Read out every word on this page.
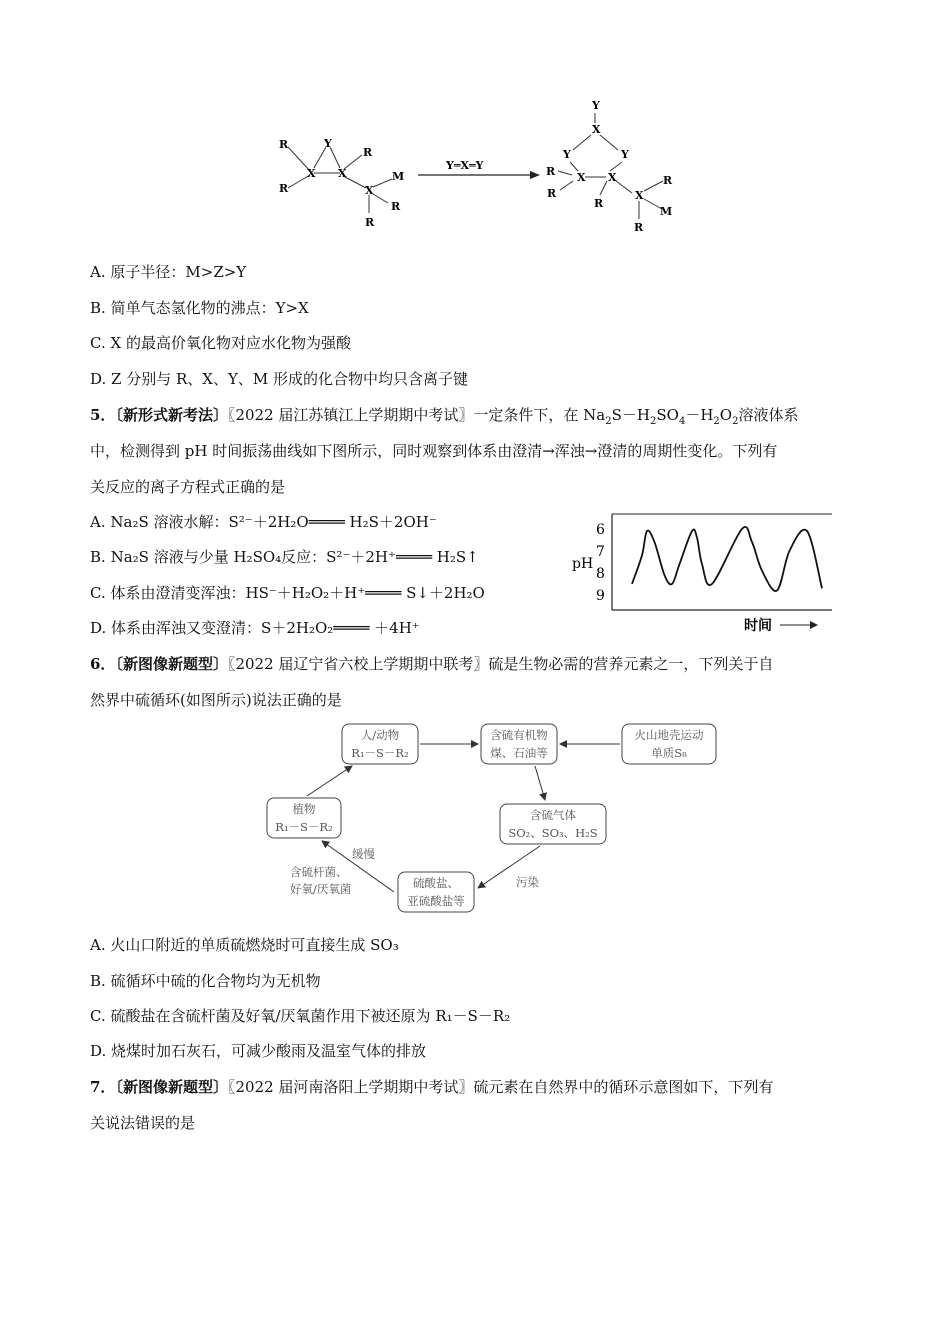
R	Y
R
X X
R
M
X
R
R
Y═X═Y
Y
X
Y	Y
R X X
R	X
R
R
M
R
A. 原子半径：M>Z>Y
B. 简单气态氢化物的沸点：Y>X
C. X 的最高价氧化物对应水化物为强酸
D. Z 分别与 R、X、Y、M 形成的化合物中均只含离子键
5．〔新形式新考法〕〖2022 届江苏镇江上学期期中考试〗一定条件下，在 $Na_2S-H_2SO_4-H_2O_2$溶液体系
中，检测得到 pH 时间振荡曲线如下图所示，同时观察到体系由澄清→浑浊→澄清的周期性变化。下列有
关反应的离子方程式正确的是
A. Na₂S 溶液水解：S²⁻＋2H₂O════ H₂S＋2OH⁻
B. Na₂S 溶液与少量 H₂SO₄反应：S²⁻＋2H⁺════ H₂S↑
C. 体系由澄清变浑浊：HS⁻＋H₂O₂＋H⁺════ S↓＋2H₂O
D. 体系由浑浊又变澄清：S＋2H₂O₂════ ＋4H⁺
pH
6
7
8
9
时间
6．〔新图像新题型〕〖2022 届辽宁省六校上学期期中联考〗硫是生物必需的营养元素之一，下列关于自
然界中硫循环(如图所示)说法正确的是
人/动物
R₁－S－R₂
含硫有机物
煤、石油等
火山地壳运动
单质S₈
植物
R₁－S－R₂
含硫气体
SO₂、SO₃、H₂S
硫酸盐、
亚硫酸盐等
缓慢
含硫杆菌、
好氧/厌氧菌	污染
A. 火山口附近的单质硫燃烧时可直接生成 SO₃
B. 硫循环中硫的化合物均为无机物
C. 硫酸盐在含硫杆菌及好氧/厌氧菌作用下被还原为 R₁－S－R₂
D. 烧煤时加石灰石，可减少酸雨及温室气体的排放
7．〔新图像新题型〕〖2022 届河南洛阳上学期期中考试〗硫元素在自然界中的循环示意图如下，下列有
关说法错误的是
